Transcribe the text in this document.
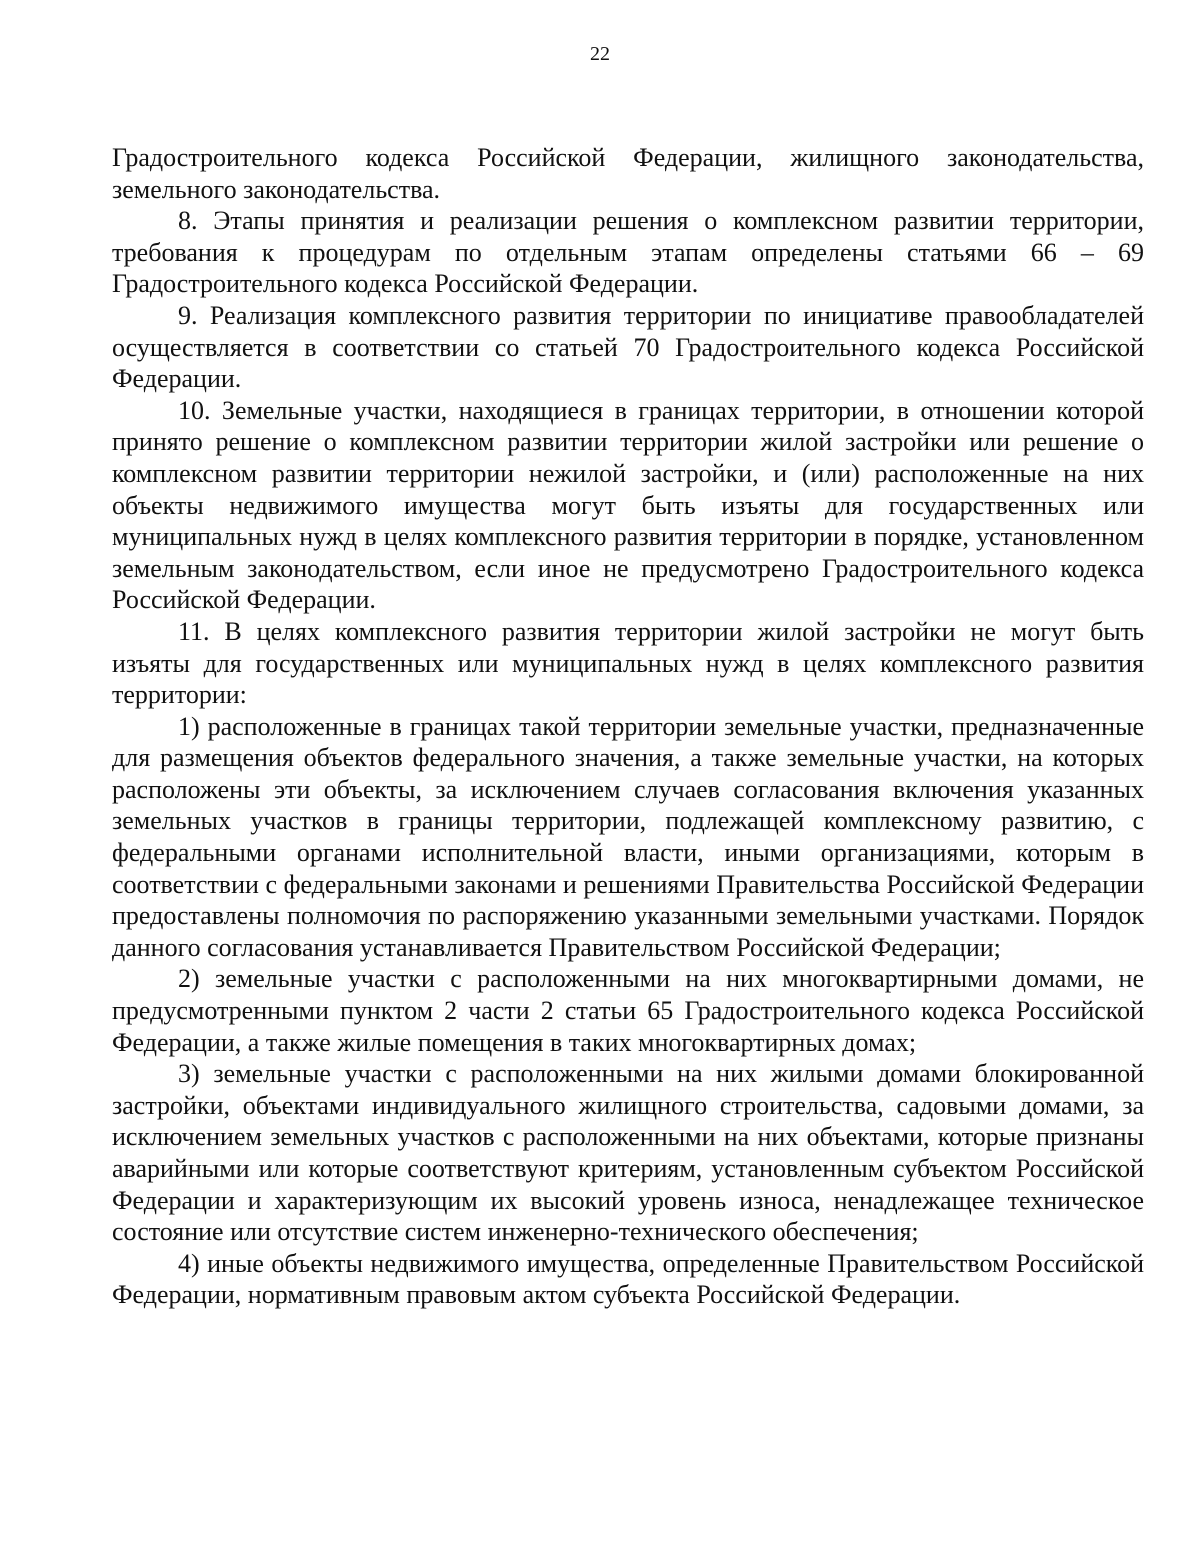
22

Градостроительного кодекса Российской Федерации, жилищного законодательства, земельного законодательства.

8. Этапы принятия и реализации решения о комплексном развитии территории, требования к процедурам по отдельным этапам определены статьями 66 – 69 Градостроительного кодекса Российской Федерации.

9. Реализация комплексного развития территории по инициативе правообладателей осуществляется в соответствии со статьей 70 Градостроительного кодекса Российской Федерации.

10. Земельные участки, находящиеся в границах территории, в отношении которой принято решение о комплексном развитии территории жилой застройки или решение о комплексном развитии территории нежилой застройки, и (или) расположенные на них объекты недвижимого имущества могут быть изъяты для государственных или муниципальных нужд в целях комплексного развития территории в порядке, установленном земельным законодательством, если иное не предусмотрено Градостроительного кодекса Российской Федерации.

11. В целях комплексного развития территории жилой застройки не могут быть изъяты для государственных или муниципальных нужд в целях комплексного развития территории:

1) расположенные в границах такой территории земельные участки, предназначенные для размещения объектов федерального значения, а также земельные участки, на которых расположены эти объекты, за исключением случаев согласования включения указанных земельных участков в границы территории, подлежащей комплексному развитию, с федеральными органами исполнительной власти, иными организациями, которым в соответствии с федеральными законами и решениями Правительства Российской Федерации предоставлены полномочия по распоряжению указанными земельными участками. Порядок данного согласования устанавливается Правительством Российской Федерации;

2) земельные участки с расположенными на них многоквартирными домами, не предусмотренными пунктом 2 части 2 статьи 65 Градостроительного кодекса Российской Федерации, а также жилые помещения в таких многоквартирных домах;

3) земельные участки с расположенными на них жилыми домами блокированной застройки, объектами индивидуального жилищного строительства, садовыми домами, за исключением земельных участков с расположенными на них объектами, которые признаны аварийными или которые соответствуют критериям, установленным субъектом Российской Федерации и характеризующим их высокий уровень износа, ненадлежащее техническое состояние или отсутствие систем инженерно-технического обеспечения;

4) иные объекты недвижимого имущества, определенные Правительством Российской Федерации, нормативным правовым актом субъекта Российской Федерации.
